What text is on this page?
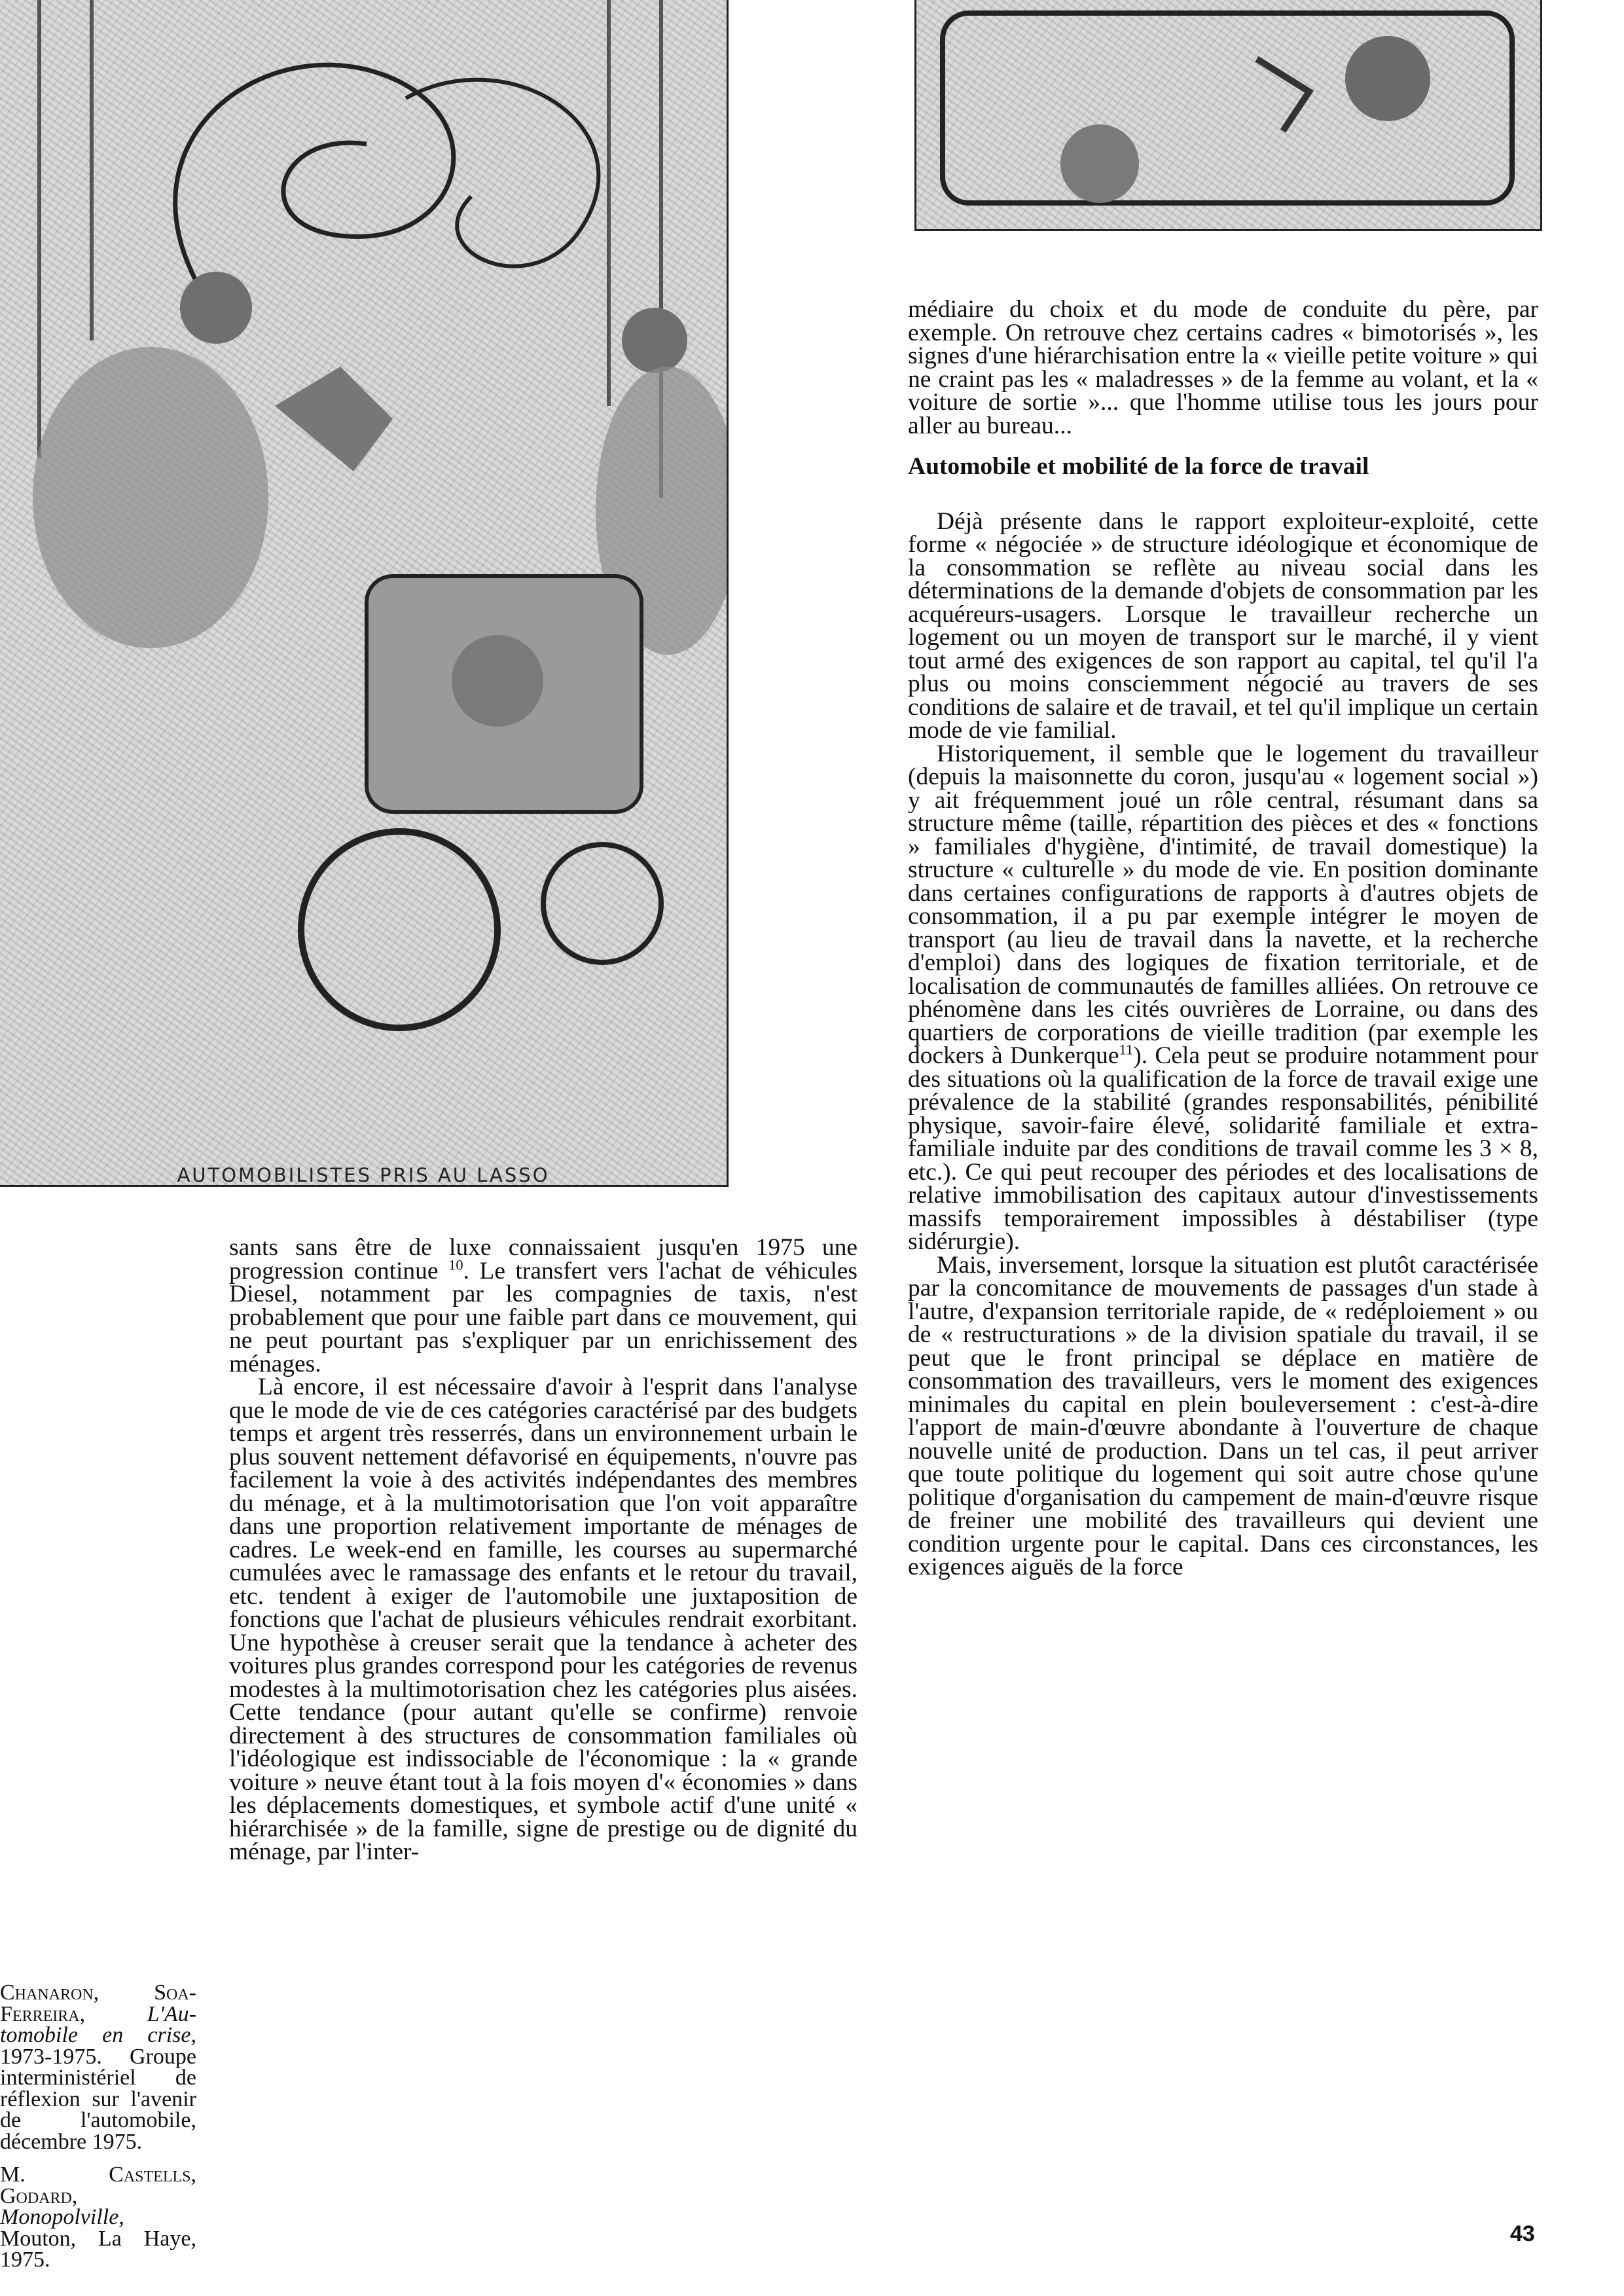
AUTOMOBILISTES PRIS AU LASSO

médiaire du choix et du mode de conduite du père, par exemple. On retrouve chez certains cadres « bimotorisés », les signes d'une hiérarchisation entre la « vieille petite voiture » qui ne craint pas les « maladresses » de la femme au volant, et la « voiture de sortie »... que l'homme utilise tous les jours pour aller au bureau...

Automobile et mobilité de la force de travail

Déjà présente dans le rapport exploiteur-exploité, cette forme « négociée » de structure idéologique et économique de la consommation se reflète au niveau social dans les déterminations de la demande d'objets de consommation par les acquéreurs-usagers. Lorsque le travailleur recherche un logement ou un moyen de transport sur le marché, il y vient tout armé des exigences de son rapport au capital, tel qu'il l'a plus ou moins consciemment négocié au travers de ses conditions de salaire et de travail, et tel qu'il implique un certain mode de vie familial.

Historiquement, il semble que le logement du travailleur (depuis la maisonnette du coron, jusqu'au « logement social ») y ait fréquemment joué un rôle central, résumant dans sa structure même (taille, répartition des pièces et des « fonctions » familiales d'hygiène, d'intimité, de travail domestique) la structure « culturelle » du mode de vie. En position dominante dans certaines configurations de rapports à d'autres objets de consommation, il a pu par exemple intégrer le moyen de transport (au lieu de travail dans la navette, et la recherche d'emploi) dans des logiques de fixation territoriale, et de localisation de communautés de familles alliées. On retrouve ce phénomène dans les cités ouvrières de Lorraine, ou dans des quartiers de corporations de vieille tradition (par exemple les dockers à Dunkerque$^{11}$). Cela peut se produire notamment pour des situations où la qualification de la force de travail exige une prévalence de la stabilité (grandes responsabilités, pénibilité physique, savoir-faire élevé, solidarité familiale et extra-familiale induite par des conditions de travail comme les 3 × 8, etc.). Ce qui peut recouper des périodes et des localisations de relative immobilisation des capitaux autour d'investissements massifs temporairement impossibles à déstabiliser (type sidérurgie).

Mais, inversement, lorsque la situation est plutôt caractérisée par la concomitance de mouvements de passages d'un stade à l'autre, d'expansion territoriale rapide, de « redéploiement » ou de « restructurations » de la division spatiale du travail, il se peut que le front principal se déplace en matière de consommation des travailleurs, vers le moment des exigences minimales du capital en plein bouleversement : c'est-à-dire l'apport de main-d'œuvre abondante à l'ouverture de chaque nouvelle unité de production. Dans un tel cas, il peut arriver que toute politique du logement qui soit autre chose qu'une politique d'organisation du campement de main-d'œuvre risque de freiner une mobilité des travailleurs qui devient une condition urgente pour le capital. Dans ces circonstances, les exigences aiguës de la force

sants sans être de luxe connaissaient jusqu'en 1975 une progression continue $^{10}$. Le transfert vers l'achat de véhicules Diesel, notamment par les compagnies de taxis, n'est probablement que pour une faible part dans ce mouvement, qui ne peut pourtant pas s'expliquer par un enrichissement des ménages.

Là encore, il est nécessaire d'avoir à l'esprit dans l'analyse que le mode de vie de ces catégories caractérisé par des budgets temps et argent très resserrés, dans un environnement urbain le plus souvent nettement défavorisé en équipements, n'ouvre pas facilement la voie à des activités indépendantes des membres du ménage, et à la multimotorisation que l'on voit apparaître dans une proportion relativement importante de ménages de cadres. Le week-end en famille, les courses au supermarché cumulées avec le ramassage des enfants et le retour du travail, etc. tendent à exiger de l'automobile une juxtaposition de fonctions que l'achat de plusieurs véhicules rendrait exorbitant. Une hypothèse à creuser serait que la tendance à acheter des voitures plus grandes correspond pour les catégories de revenus modestes à la multimotorisation chez les catégories plus aisées. Cette tendance (pour autant qu'elle se confirme) renvoie directement à des structures de consommation familiales où l'idéologique est indissociable de l'économique : la « grande voiture » neuve étant tout à la fois moyen d'« économies » dans les déplacements domestiques, et symbole actif d'une unité « hiérarchisée » de la famille, signe de prestige ou de dignité du ménage, par l'inter-

Chanaron, Soa- Ferreira,	L'Au-tomobile en crise, 1973-1975. Groupe interministériel de réflexion sur l'avenir de l'automobile, décembre 1975.

M.	Castells, Godard, Monopolville, Mouton, La Haye, 1975.

43
